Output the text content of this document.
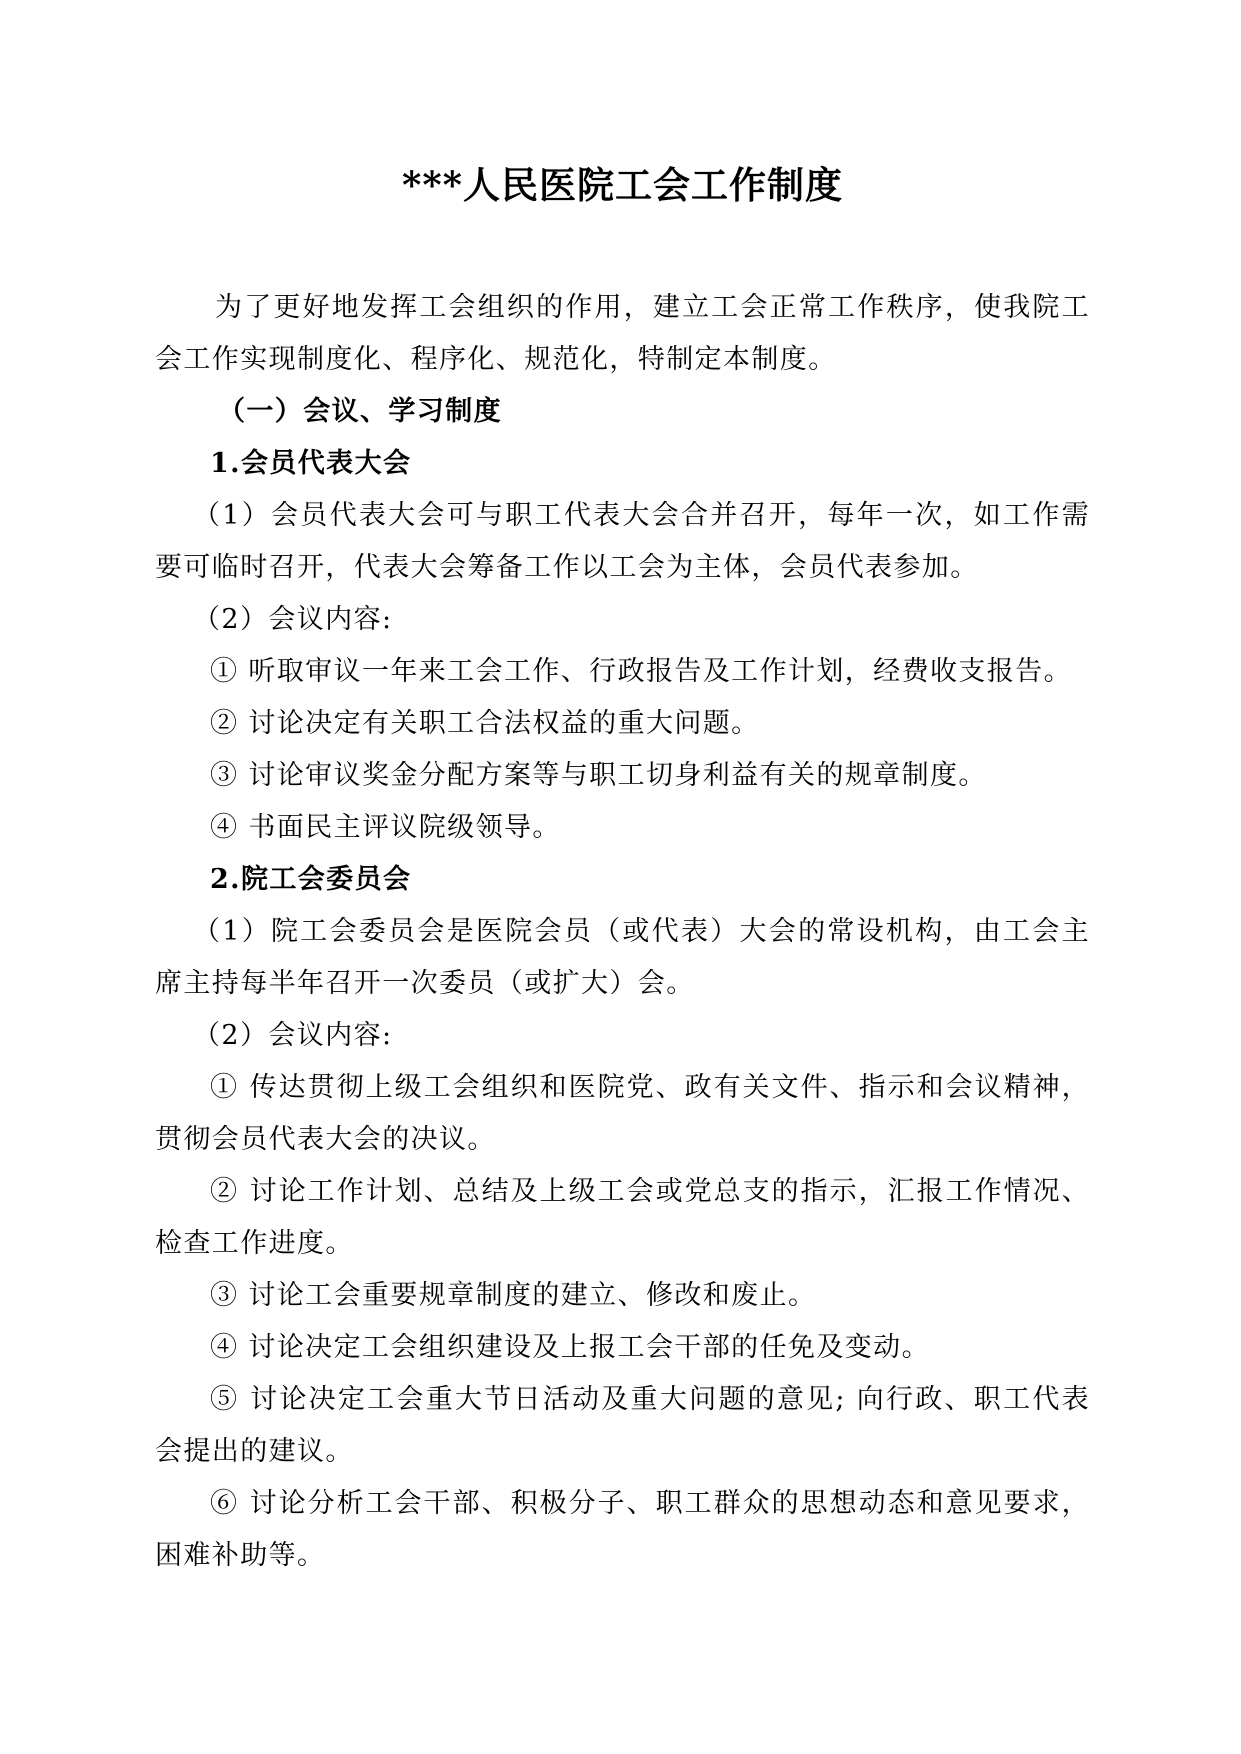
***人民医院工会工作制度

为了更好地发挥工会组织的作用，建立工会正常工作秩序，使我院工会工作实现制度化、程序化、规范化，特制定本制度。

（一）会议、学习制度

1.会员代表大会

（1）会员代表大会可与职工代表大会合并召开，每年一次，如工作需要可临时召开，代表大会筹备工作以工会为主体，会员代表参加。

（2）会议内容:

① 听取审议一年来工会工作、行政报告及工作计划，经费收支报告。

② 讨论决定有关职工合法权益的重大问题。

③ 讨论审议奖金分配方案等与职工切身利益有关的规章制度。

④ 书面民主评议院级领导。

2.院工会委员会

（1）院工会委员会是医院会员（或代表）大会的常设机构，由工会主席主持每半年召开一次委员（或扩大）会。

（2）会议内容:

① 传达贯彻上级工会组织和医院党、政有关文件、指示和会议精神，贯彻会员代表大会的决议。

② 讨论工作计划、总结及上级工会或党总支的指示，汇报工作情况、检查工作进度。

③ 讨论工会重要规章制度的建立、修改和废止。

④ 讨论决定工会组织建设及上报工会干部的任免及变动。

⑤ 讨论决定工会重大节日活动及重大问题的意见; 向行政、职工代表会提出的建议。

⑥ 讨论分析工会干部、积极分子、职工群众的思想动态和意见要求，困难补助等。
